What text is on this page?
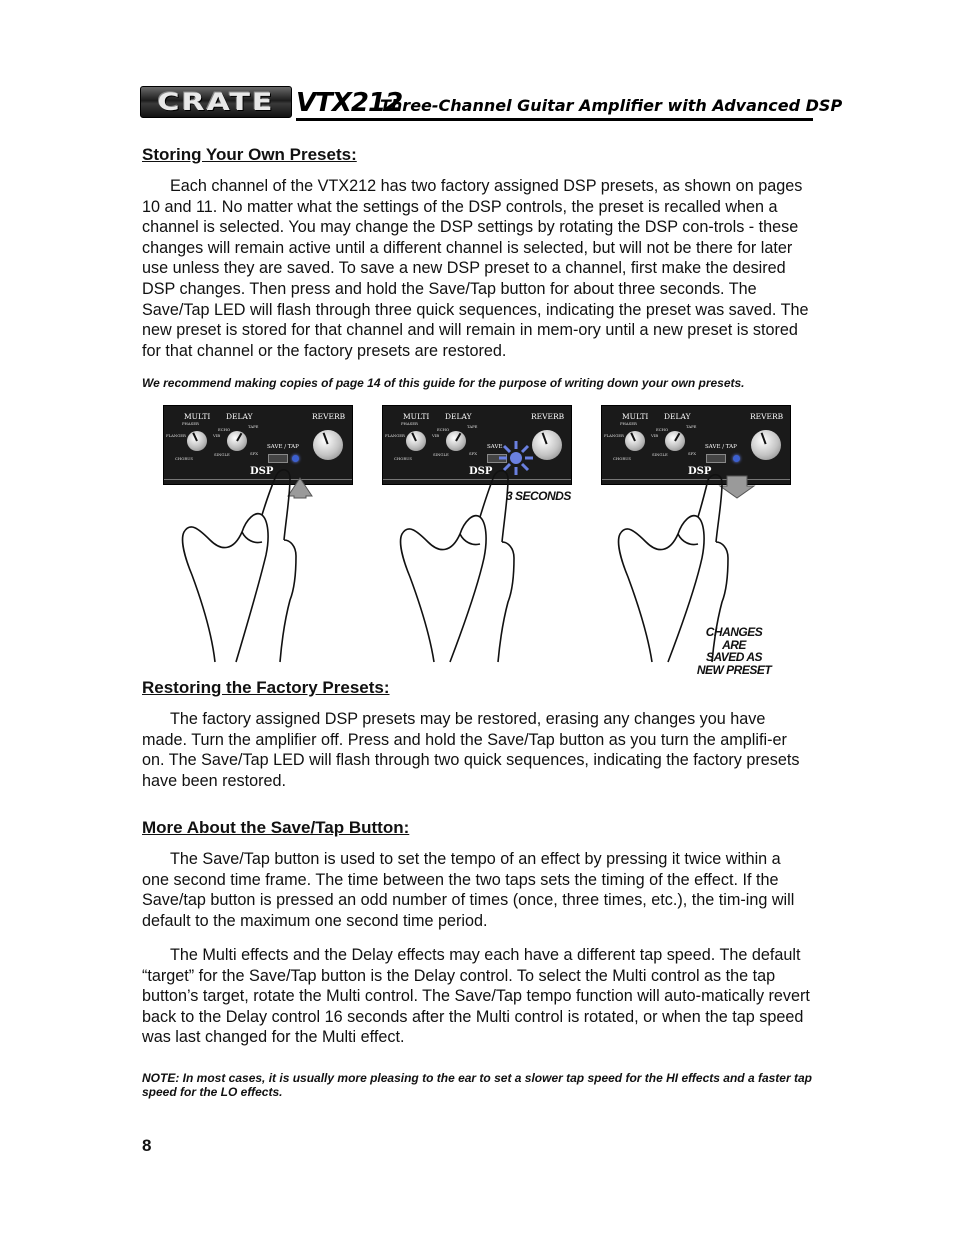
CRATE VTX212
Three-Channel Guitar Amplifier with Advanced DSP
Storing Your Own Presets:

Each channel of the VTX212 has two factory assigned DSP presets, as shown on pages 10 and 11. No matter what the settings of the DSP controls, the preset is recalled when a channel is selected. You may change the DSP settings by rotating the DSP con-trols - these changes will remain active until a different channel is selected, but will not be there for later use unless they are saved. To save a new DSP preset to a channel, first make the desired DSP changes. Then press and hold the Save/Tap button for about three seconds. The Save/Tap LED will flash through three quick sequences, indicating the preset was saved. The new preset is stored for that channel and will remain in mem-ory until a new preset is stored for that channel or the factory presets are restored.

We recommend making copies of page 14 of this guide for the purpose of writing down your own presets.

MULTI DELAY	REVERB
PHASER
FLANGER	VIB
CHORUS
ECHO
TAPE
SINGLE	SFX
SAVE / TAP
DSP
MULTI DELAY	REVERB
PHASER
FLANGER	VIB
CHORUS
ECHO
TAPE
SINGLE	SFX
SAVE
DSP
MULTI DELAY	REVERB
PHASER
FLANGER	VIB
CHORUS
ECHO
TAPE
SINGLE	SFX
SAVE / TAP
DSP
3 SECONDS
CHANGES ARE
SAVED AS
NEW PRESET
Restoring the Factory Presets:

The factory assigned DSP presets may be restored, erasing any changes you have made. Turn the amplifier off. Press and hold the Save/Tap button as you turn the amplifi-er on. The Save/Tap LED will flash through two quick sequences, indicating the factory presets have been restored.

More About the Save/Tap Button:

The Save/Tap button is used to set the tempo of an effect by pressing it twice within a one second time frame. The time between the two taps sets the timing of the effect. If the Save/tap button is pressed an odd number of times (once, three times, etc.), the tim-ing will default to the maximum one second time period.

The Multi effects and the Delay effects may each have a different tap speed. The default “target” for the Save/Tap button is the Delay control. To select the Multi control as the tap button’s target, rotate the Multi control. The Save/Tap tempo function will auto-matically revert back to the Delay control 16 seconds after the Multi control is rotated, or when the tap speed was last changed for the Multi effect.

NOTE: In most cases, it is usually more pleasing to the ear to set a slower tap speed for the HI effects and a faster tap speed for the LO effects.

8
